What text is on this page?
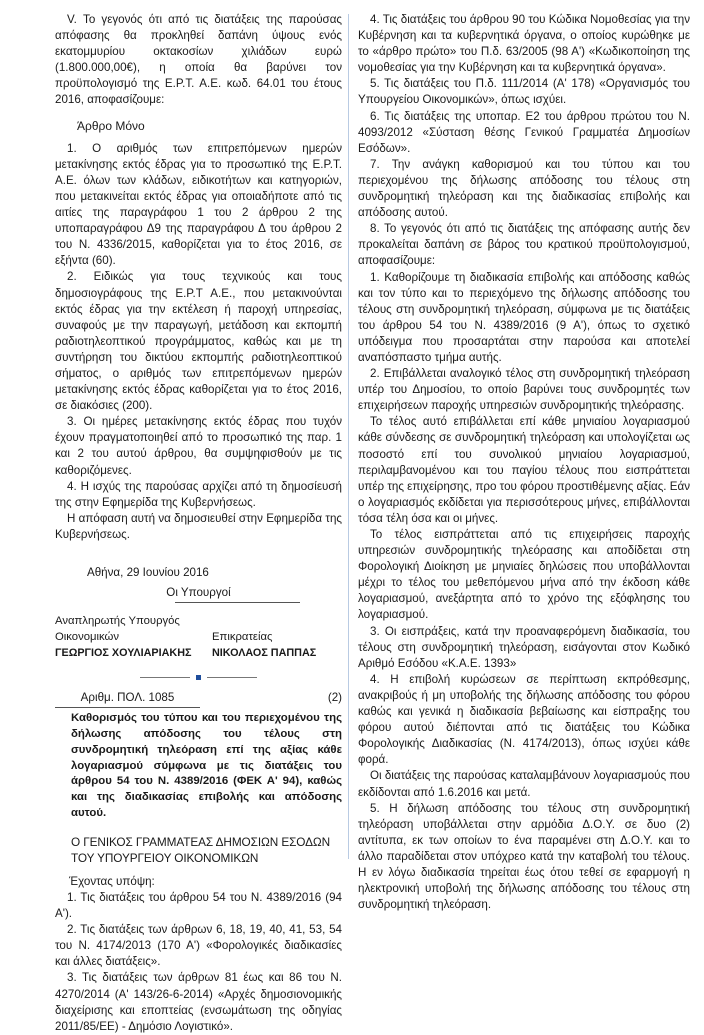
V. Το γεγονός ότι από τις διατάξεις της παρούσας απόφασης θα προκληθεί δαπάνη ύψους ενός εκατομμυρίου οκτακοσίων χιλιάδων ευρώ (1.800.000,00€), η οποία θα βαρύνει τον προϋπολογισμό της Ε.Ρ.Τ. Α.Ε. κωδ. 64.01 του έτους 2016, αποφασίζουμε:

Άρθρο Μόνο

1. Ο αριθμός των επιτρεπόμενων ημερών μετακίνησης εκτός έδρας για το προσωπικό της Ε.Ρ.Τ. Α.Ε. όλων των κλάδων, ειδικοτήτων και κατηγοριών, που μετακινείται εκτός έδρας για οποιαδήποτε από τις αιτίες της παραγράφου 1 του 2 άρθρου 2 της υποπαραγράφου Δ9 της παραγράφου Δ του άρθρου 2 του Ν. 4336/2015, καθορίζεται για το έτος 2016, σε εξήντα (60).

2. Ειδικώς για τους τεχνικούς και τους δημοσιογράφους της Ε.Ρ.Τ Α.Ε., που μετακινούνται εκτός έδρας για την εκτέλεση ή παροχή υπηρεσίας, συναφούς με την παραγωγή, μετάδοση και εκπομπή ραδιοτηλεοπτικού προγράμματος, καθώς και με τη συντήρηση του δικτύου εκπομπής ραδιοτηλεοπτικού σήματος, ο αριθμός των επιτρεπόμενων ημερών μετακίνησης εκτός έδρας καθορίζεται για το έτος 2016, σε διακόσιες (200).

3. Οι ημέρες μετακίνησης εκτός έδρας που τυχόν έχουν πραγματοποιηθεί από το προσωπικό της παρ. 1 και 2 του αυτού άρθρου, θα συμψηφισθούν με τις καθοριζόμενες.

4. Η ισχύς της παρούσας αρχίζει από τη δημοσίευσή της στην Εφημερίδα της Κυβερνήσεως.

Η απόφαση αυτή να δημοσιευθεί στην Εφημερίδα της Κυβερνήσεως.

Αθήνα, 29 Ιουνίου 2016

Οι Υπουργοί

Αναπληρωτής Υπουργός
Οικονομικών	Επικρατείας
ΓΕΩΡΓΙΟΣ ΧΟΥΛΙΑΡΙΑΚΗΣ	ΝΙΚΟΛΑΟΣ ΠΑΠΠΑΣ
Αριθμ. ΠΟΛ. 1085	(2)

Καθορισμός του τύπου και του περιεχομένου της δήλωσης απόδοσης του τέλους στη συνδρομητική τηλεόραση επί της αξίας κάθε λογαριασμού σύμφωνα με τις διατάξεις του άρθρου 54 του Ν. 4389/2016 (ΦΕΚ Α' 94), καθώς και της διαδικασίας επιβολής και απόδοσης αυτού.

Ο ΓΕΝΙΚΟΣ ΓΡΑΜΜΑΤΕΑΣ ΔΗΜΟΣΙΩΝ ΕΣΟΔΩΝ
ΤΟΥ ΥΠΟΥΡΓΕΙΟΥ ΟΙΚΟΝΟΜΙΚΩΝ

Έχοντας υπόψη:

1. Τις διατάξεις του άρθρου 54 του Ν. 4389/2016 (94 Α').

2. Τις διατάξεις των άρθρων 6, 18, 19, 40, 41, 53, 54 του Ν. 4174/2013 (170 Α') «Φορολογικές διαδικασίες και άλλες διατάξεις».

3. Τις διατάξεις των άρθρων 81 έως και 86 του Ν. 4270/2014 (Α' 143/26-6-2014) «Αρχές δημοσιονομικής διαχείρισης και εποπτείας (ενσωμάτωση της οδηγίας 2011/85/ΕΕ) - Δημόσιο Λογιστικό».

4. Τις διατάξεις του άρθρου 90 του Κώδικα Νομοθεσίας για την Κυβέρνηση και τα κυβερνητικά όργανα, ο οποίος κυρώθηκε με το «άρθρο πρώτο» του Π.δ. 63/2005 (98 Α') «Κωδικοποίηση της νομοθεσίας για την Κυβέρνηση και τα κυβερνητικά όργανα».

5. Τις διατάξεις του Π.δ. 111/2014 (Α' 178) «Οργανισμός του Υπουργείου Οικονομικών», όπως ισχύει.

6. Τις διατάξεις της υποπαρ. Ε2 του άρθρου πρώτου του Ν. 4093/2012 «Σύσταση θέσης Γενικού Γραμματέα Δημοσίων Εσόδων».

7. Την ανάγκη καθορισμού και του τύπου και του περιεχομένου της δήλωσης απόδοσης του τέλους στη συνδρομητική τηλεόραση και της διαδικασίας επιβολής και απόδοσης αυτού.

8. Το γεγονός ότι από τις διατάξεις της απόφασης αυτής δεν προκαλείται δαπάνη σε βάρος του κρατικού προϋπολογισμού, αποφασίζουμε:

1. Καθορίζουμε τη διαδικασία επιβολής και απόδοσης καθώς και τον τύπο και το περιεχόμενο της δήλωσης απόδοσης του τέλους στη συνδρομητική τηλεόραση, σύμφωνα με τις διατάξεις του άρθρου 54 του Ν. 4389/2016 (9 Α'), όπως το σχετικό υπόδειγμα που προσαρτάται στην παρούσα και αποτελεί αναπόσπαστο τμήμα αυτής.

2. Επιβάλλεται αναλογικό τέλος στη συνδρομητική τηλεόραση υπέρ του Δημοσίου, το οποίο βαρύνει τους συνδρομητές των επιχειρήσεων παροχής υπηρεσιών συνδρομητικής τηλεόρασης.

Το τέλος αυτό επιβάλλεται επί κάθε μηνιαίου λογαριασμού κάθε σύνδεσης σε συνδρομητική τηλεόραση και υπολογίζεται ως ποσοστό επί του συνολικού μηνιαίου λογαριασμού, περιλαμβανομένου και του παγίου τέλους που εισπράττεται υπέρ της επιχείρησης, προ του φόρου προστιθέμενης αξίας. Εάν ο λογαριασμός εκδίδεται για περισσότερους μήνες, επιβάλλονται τόσα τέλη όσα και οι μήνες.

Το τέλος εισπράττεται από τις επιχειρήσεις παροχής υπηρεσιών συνδρομητικής τηλεόρασης και αποδίδεται στη Φορολογική Διοίκηση με μηνιαίες δηλώσεις που υποβάλλονται μέχρι το τέλος του μεθεπόμενου μήνα από την έκδοση κάθε λογαριασμού, ανεξάρτητα από το χρόνο της εξόφλησης του λογαριασμού.

3. Οι εισπράξεις, κατά την προαναφερόμενη διαδικασία, του τέλους στη συνδρομητική τηλεόραση, εισάγονται στον Κωδικό Αριθμό Εσόδου «Κ.Α.Ε. 1393»

4. Η επιβολή κυρώσεων σε περίπτωση εκπρόθεσμης, ανακριβούς ή μη υποβολής της δήλωσης απόδοσης του φόρου καθώς και γενικά η διαδικασία βεβαίωσης και είσπραξης του φόρου αυτού διέπονται από τις διατάξεις του Κώδικα Φορολογικής Διαδικασίας (Ν. 4174/2013), όπως ισχύει κάθε φορά.

Οι διατάξεις της παρούσας καταλαμβάνουν λογαριασμούς που εκδίδονται από 1.6.2016 και μετά.

5. Η δήλωση απόδοσης του τέλους στη συνδρομητική τηλεόραση υποβάλλεται στην αρμόδια Δ.Ο.Υ. σε δυο (2) αντίτυπα, εκ των οποίων το ένα παραμένει στη Δ.Ο.Υ. και το άλλο παραδίδεται στον υπόχρεο κατά την καταβολή του τέλους. Η εν λόγω διαδικασία τηρείται έως ότου τεθεί σε εφαρμογή η ηλεκτρονική υποβολή της δήλωσης απόδοσης του τέλους στη συνδρομητική τηλεόραση.
